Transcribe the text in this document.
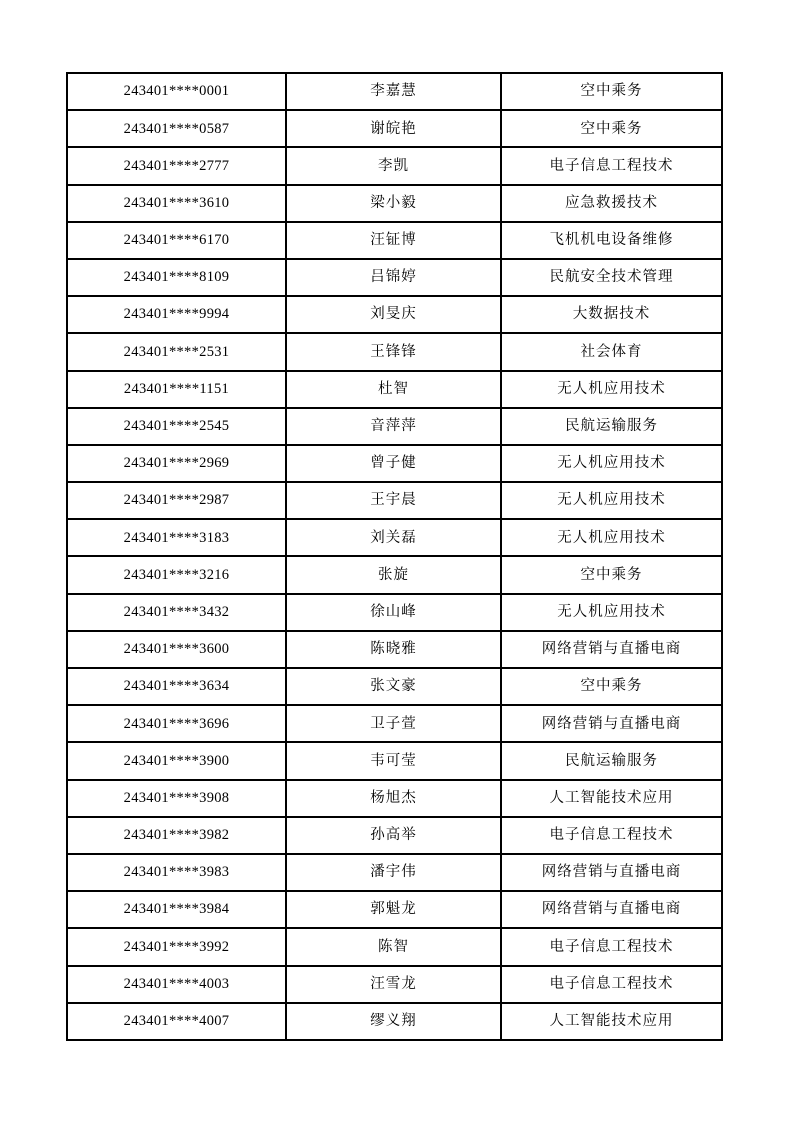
243401****0001	李嘉慧	空中乘务
243401****0587	谢皖艳	空中乘务
243401****2777	李凯	电子信息工程技术
243401****3610	梁小毅	应急救援技术
243401****6170	汪钲博	飞机机电设备维修
243401****8109	吕锦婷	民航安全技术管理
243401****9994	刘旻庆	大数据技术
243401****2531	王锋锋	社会体育
243401****1151	杜智	无人机应用技术
243401****2545	音萍萍	民航运输服务
243401****2969	曾子健	无人机应用技术
243401****2987	王宇晨	无人机应用技术
243401****3183	刘关磊	无人机应用技术
243401****3216	张旋	空中乘务
243401****3432	徐山峰	无人机应用技术
243401****3600	陈晓雅	网络营销与直播电商
243401****3634	张文豪	空中乘务
243401****3696	卫子萱	网络营销与直播电商
243401****3900	韦可莹	民航运输服务
243401****3908	杨旭杰	人工智能技术应用
243401****3982	孙高举	电子信息工程技术
243401****3983	潘宇伟	网络营销与直播电商
243401****3984	郭魁龙	网络营销与直播电商
243401****3992	陈智	电子信息工程技术
243401****4003	汪雪龙	电子信息工程技术
243401****4007	缪义翔	人工智能技术应用
